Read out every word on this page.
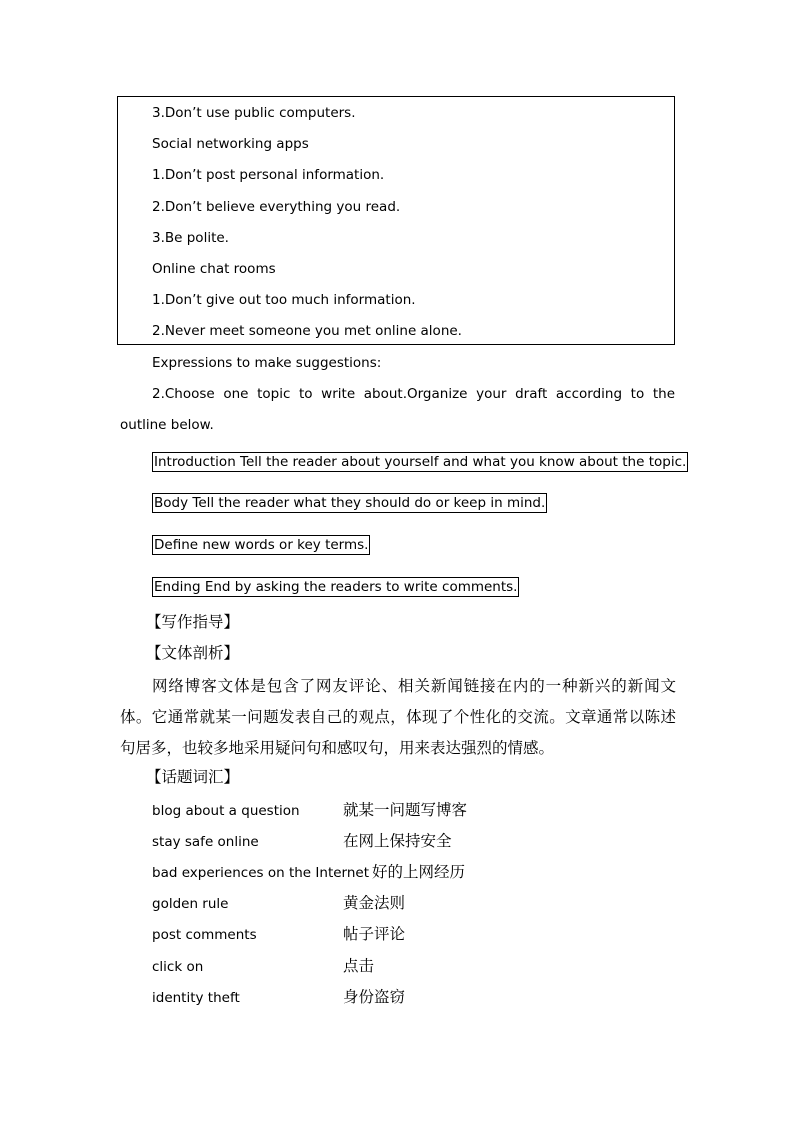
3.Don’t use public computers.
Social networking apps
1.Don’t post personal information.
2.Don’t believe everything you read.
3.Be polite.
Online chat rooms
1.Don’t give out too much information.
2.Never meet someone you met online alone.
Expressions to make suggestions:
2.Choose one topic to write about.Organize your draft according to the outline below.
Introduction Tell the reader about yourself and what you know about the topic.
Body Tell the reader what they should do or keep in mind.
Define new words or key terms.
Ending End by asking the readers to write comments.
【写作指导】
【文体剖析】
网络博客文体是包含了网友评论、相关新闻链接在内的一种新兴的新闻文体。它通常就某一问题发表自己的观点，体现了个性化的交流。文章通常以陈述句居多，也较多地采用疑问句和感叹句，用来表达强烈的情感。
【话题词汇】
blog about a question	就某一问题写博客
stay safe online	在网上保持安全
bad experiences on the Internet 好的上网经历
golden rule	黄金法则
post comments	帖子评论
click on	点击
identity theft	身份盗窃
